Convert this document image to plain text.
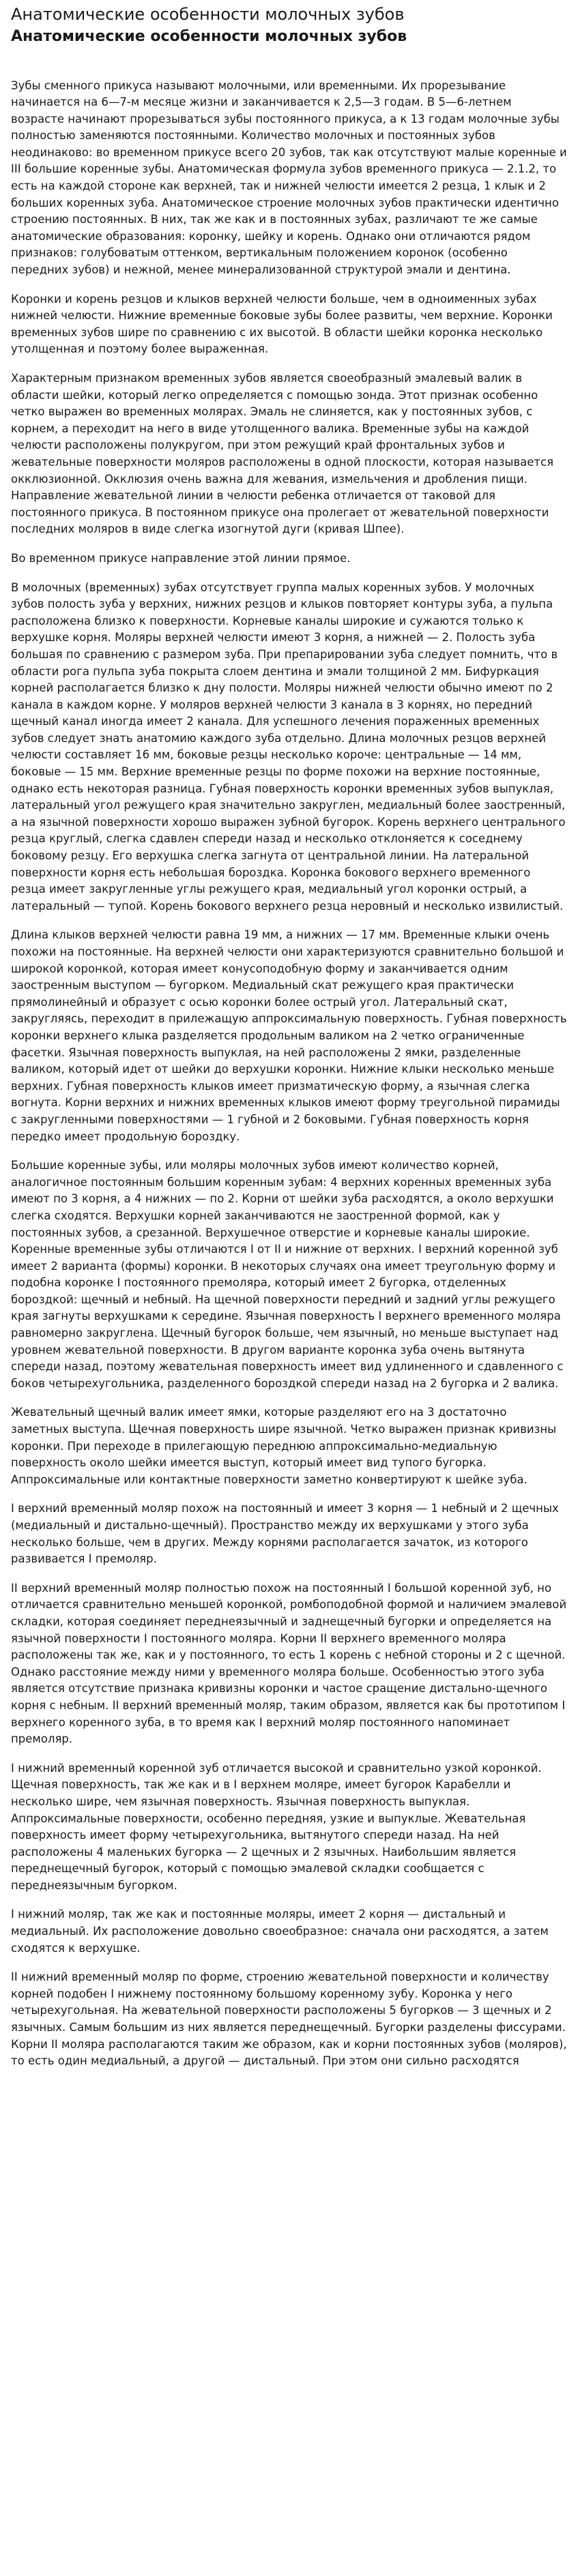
Анатомические особенности молочных зубов
Анатомические особенности молочных зубов

Зубы сменного прикуса называют молочными, или временными. Их прорезывание начинается на 6—7-м месяце жизни и заканчивается к 2,5—3 годам. В 5—6-летнем возрасте начинают прорезываться зубы постоянного прикуса, а к 13 годам молочные зубы полностью заменяются постоянными. Количество молочных и постоянных зубов неодинаково: во временном прикусе всего 20 зубов, так как отсутствуют малые коренные и III большие коренные зубы. Анатомическая формула зубов временного прикуса — 2.1.2, то есть на каждой стороне как верхней, так и нижней челюсти имеется 2 резца, 1 клык и 2 больших коренных зуба. Анатомическое строение молочных зубов практически идентично строению постоянных. В них, так же как и в постоянных зубах, различают те же самые анатомические образования: коронку, шейку и корень. Однако они отличаются рядом признаков: голубоватым оттенком, вертикальным положением коронок (особенно передних зубов) и нежной, менее минерализованной структурой эмали и дентина.

Коронки и корень резцов и клыков верхней челюсти больше, чем в одноименных зубах нижней челюсти. Нижние временные боковые зубы более развиты, чем верхние. Коронки временных зубов шире по сравнению с их высотой. В области шейки коронка несколько утолщенная и поэтому более выраженная.

Характерным признаком временных зубов является своеобразный эмалевый валик в области шейки, который легко определяется с помощью зонда. Этот признак особенно четко выражен во временных молярах. Эмаль не слиняется, как у постоянных зубов, с корнем, а переходит на него в виде утолщенного валика. Временные зубы на каждой челюсти расположены полукругом, при этом режущий край фронтальных зубов и жевательные поверхности моляров расположены в одной плоскости, которая называется окклюзионной. Окклюзия очень важна для жевания, измельчения и дробления пищи. Направление жевательной линии в челюсти ребенка отличается от таковой для постоянного прикуса. В постоянном прикусе она пролегает от жевательной поверхности последних моляров в виде слегка изогнутой дуги (кривая Шпее).

Во временном прикусе направление этой линии прямое.

В молочных (временных) зубах отсутствует группа малых коренных зубов. У молочных зубов полость зуба у верхних, нижних резцов и клыков повторяет контуры зуба, а пульпа расположена близко к поверхности. Корневые каналы широкие и сужаются только к верхушке корня. Моляры верхней челюсти имеют 3 корня, а нижней — 2. Полость зуба большая по сравнению с размером зуба. При препарировании зуба следует помнить, что в области рога пульпа зуба покрыта слоем дентина и эмали толщиной 2 мм. Бифуркация корней располагается близко к дну полости. Моляры нижней челюсти обычно имеют по 2 канала в каждом корне. У моляров верхней челюсти 3 канала в 3 корнях, но передний щечный канал иногда имеет 2 канала. Для успешного лечения пораженных временных зубов следует знать анатомию каждого зуба отдельно. Длина молочных резцов верхней челюсти составляет 16 мм, боковые резцы несколько короче: центральные — 14 мм, боковые — 15 мм. Верхние временные резцы по форме похожи на верхние постоянные, однако есть некоторая разница. Губная поверхность коронки временных зубов выпуклая, латеральный угол режущего края значительно закруглен, медиальный более заостренный, а на язычной поверхности хорошо выражен зубной бугорок. Корень верхнего центрального резца круглый, слегка сдавлен спереди назад и несколько отклоняется к соседнему боковому резцу. Его верхушка слегка загнута от центральной линии. На латеральной поверхности корня есть небольшая бороздка. Коронка бокового верхнего временного резца имеет закругленные углы режущего края, медиальный угол коронки острый, а латеральный — тупой. Корень бокового верхнего резца неровный и несколько извилистый.

Длина клыков верхней челюсти равна 19 мм, а нижних — 17 мм. Временные клыки очень похожи на постоянные. На верхней челюсти они характеризуются сравнительно большой и широкой коронкой, которая имеет конусоподобную форму и заканчивается одним заостренным выступом — бугорком. Медиальный скат режущего края практически прямолинейный и образует с осью коронки более острый угол. Латеральный скат, закругляясь, переходит в прилежащую аппроксимальную поверхность. Губная поверхность коронки верхнего клыка разделяется продольным валиком на 2 четко ограниченные фасетки. Язычная поверхность выпуклая, на ней расположены 2 ямки, разделенные валиком, который идет от шейки до верхушки коронки. Нижние клыки несколько меньше верхних. Губная поверхность клыков имеет призматическую форму, а язычная слегка вогнута. Корни верхних и нижних временных клыков имеют форму треугольной пирамиды с закругленными поверхностями — 1 губной и 2 боковыми. Губная поверхность корня передко имеет продольную бороздку.

Большие коренные зубы, или моляры молочных зубов имеют количество корней, аналогичное постоянным большим коренным зубам: 4 верхних коренных временных зуба имеют по 3 корня, а 4 нижних — по 2. Корни от шейки зуба расходятся, а около верхушки слегка сходятся. Верхушки корней заканчиваются не заостренной формой, как у постоянных зубов, а срезанной. Верхушечное отверстие и корневые каналы широкие. Коренные временные зубы отличаются I от II и нижние от верхних. I верхний коренной зуб имеет 2 варианта (формы) коронки. В некоторых случаях она имеет треугольную форму и подобна коронке I постоянного премоляра, который имеет 2 бугорка, отделенных бороздкой: щечный и небный. На щечной поверхности передний и задний углы режущего края загнуты верхушками к середине. Язычная поверхность I верхнего временного моляра равномерно закруглена. Щечный бугорок больше, чем язычный, но меньше выступает над уровнем жевательной поверхности. В другом варианте коронка зуба очень вытянута спереди назад, поэтому жевательная поверхность имеет вид удлиненного и сдавленного с боков четырехугольника, разделенного бороздкой спереди назад на 2 бугорка и 2 валика.

Жевательный щечный валик имеет ямки, которые разделяют его на 3 достаточно заметных выступа. Щечная поверхность шире язычной. Четко выражен признак кривизны коронки. При переходе в прилегающую переднюю аппроксимально-медиальную поверхность около шейки имеется выступ, который имеет вид тупого бугорка. Аппроксимальные или контактные поверхности заметно конвертируют к шейке зуба.

I верхний временный моляр похож на постоянный и имеет 3 корня — 1 небный и 2 щечных (медиальный и дистально-щечный). Пространство между их верхушками у этого зуба несколько больше, чем в других. Между корнями располагается зачаток, из которого развивается I премоляр.

II верхний временный моляр полностью похож на постоянный I большой коренной зуб, но отличается сравнительно меньшей коронкой, ромбоподобной формой и наличием эмалевой складки, которая соединяет переднеязычный и заднещечный бугорки и определяется на язычной поверхности I постоянного моляра. Корни II верхнего временного моляра расположены так же, как и у постоянного, то есть 1 корень с небной стороны и 2 с щечной. Однако расстояние между ними у временного моляра больше. Особенностью этого зуба является отсутствие признака кривизны коронки и частое сращение дистально-щечного корня с небным. II верхний временный моляр, таким образом, является как бы прототипом I верхнего коренного зуба, в то время как I верхний моляр постоянного напоминает премоляр.

I нижний временный коренной зуб отличается высокой и сравнительно узкой коронкой. Щечная поверхность, так же как и в I верхнем моляре, имеет бугорок Карабелли и несколько шире, чем язычная поверхность. Язычная поверхность выпуклая. Аппроксимальные поверхности, особенно передняя, узкие и выпуклые. Жевательная поверхность имеет форму четырехугольника, вытянутого спереди назад. На ней расположены 4 маленьких бугорка — 2 щечных и 2 язычных. Наибольшим является переднещечный бугорок, который с помощью эмалевой складки сообщается с переднеязычным бугорком.

I нижний моляр, так же как и постоянные моляры, имеет 2 корня — дистальный и медиальный. Их расположение довольно своеобразное: сначала они расходятся, а затем сходятся к верхушке.

II нижний временный моляр по форме, строению жевательной поверхности и количеству корней подобен I нижнему постоянному большому коренному зубу. Коронка у него четырехугольная. На жевательной поверхности расположены 5 бугорков — 3 щечных и 2 язычных. Самым большим из них является переднещечный. Бугорки разделены фиссурами. Корни II моляра располагаются таким же образом, как и корни постоянных зубов (моляров), то есть один медиальный, а другой — дистальный. При этом они сильно расходятся
